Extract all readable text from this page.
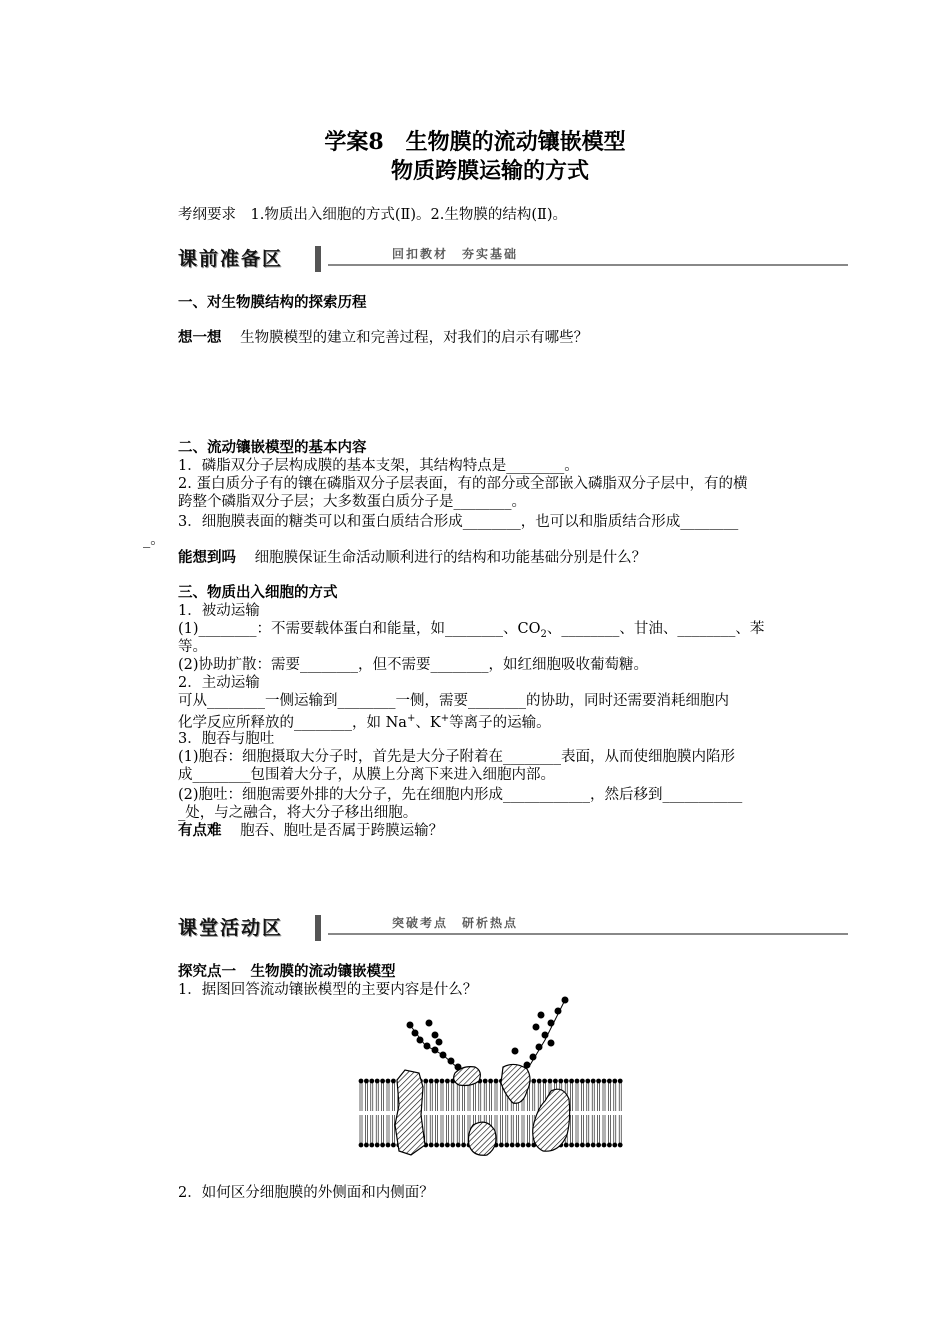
学案8　生物膜的流动镶嵌模型
物质跨膜运输的方式
考纲要求　1.物质出入细胞的方式(Ⅱ)。2.生物膜的结构(Ⅱ)。
课前准备区	回扣教材　夯实基础
一、对生物膜结构的探索历程
想一想 生物膜模型的建立和完善过程，对我们的启示有哪些？
二、流动镶嵌模型的基本内容
1．磷脂双分子层构成膜的基本支架，其结构特点是________。
2. 蛋白质分子有的镶在磷脂双分子层表面，有的部分或全部嵌入磷脂双分子层中，有的横
跨整个磷脂双分子层；大多数蛋白质分子是________。
3．细胞膜表面的糖类可以和蛋白质结合形成________，也可以和脂质结合形成________
_。
能想到吗 细胞膜保证生命活动顺利进行的结构和功能基础分别是什么？
三、物质出入细胞的方式
1．被动运输
(1)________：不需要载体蛋白和能量，如________、$CO_2$、________、甘油、________、苯
等。
(2)协助扩散：需要________，但不需要________，如红细胞吸收葡萄糖。
2．主动运输
可从________一侧运输到________一侧，需要________的协助，同时还需要消耗细胞内
化学反应所释放的________，如 Na+、K+等离子的运输。
3．胞吞与胞吐
(1)胞吞：细胞摄取大分子时，首先是大分子附着在________表面，从而使细胞膜内陷形
成________包围着大分子，从膜上分离下来进入细胞内部。
(2)胞吐：细胞需要外排的大分子，先在细胞内形成____________，然后移到___________
_处，与之融合，将大分子移出细胞。
有点难 胞吞、胞吐是否属于跨膜运输？
课堂活动区	突破考点　研析热点
探究点一　生物膜的流动镶嵌模型
1．据图回答流动镶嵌模型的主要内容是什么？
2．如何区分细胞膜的外侧面和内侧面？
